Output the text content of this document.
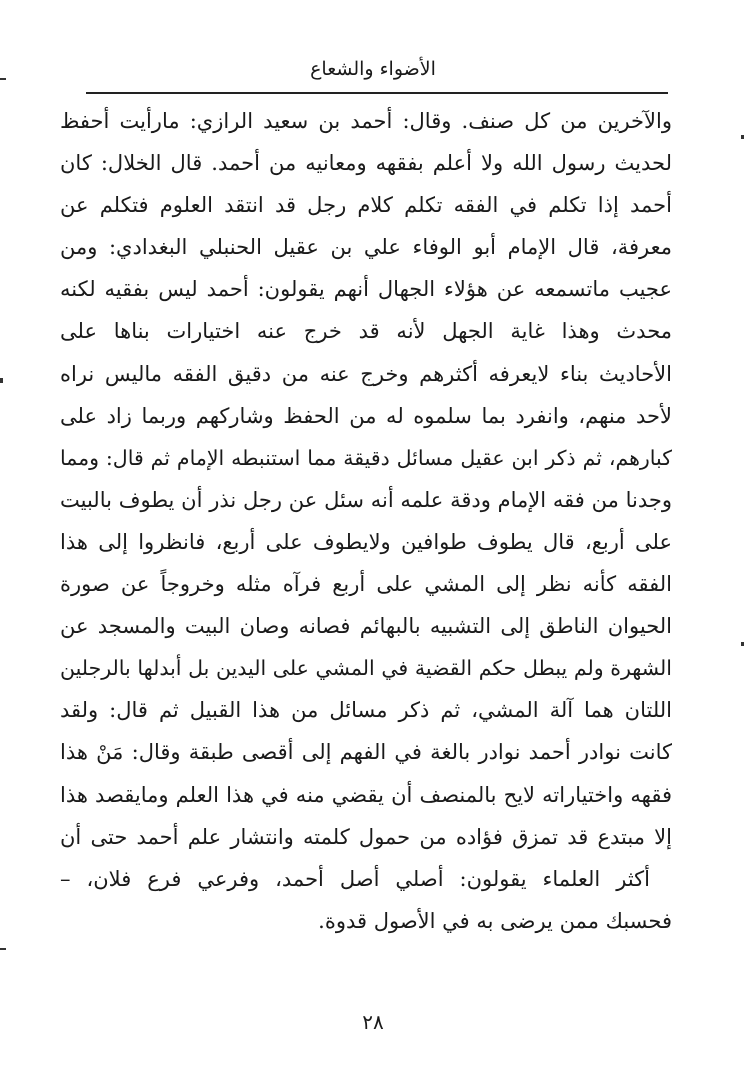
الأضواء والشعاع
والآخرين من كل صنف. وقال: أحمد بن سعيد الرازي: مارأيت أحفظ
لحديث رسول الله ولا أعلم بفقهه ومعانيه من أحمد. قال الخلال: كان
أحمد إذا تكلم في الفقه تكلم كلام رجل قد انتقد العلوم فتكلم عن
معرفة، قال الإمام أبو الوفاء علي بن عقيل الحنبلي البغدادي: ومن
عجيب ماتسمعه عن هؤلاء الجهال أنهم يقولون: أحمد ليس بفقيه لكنه
محدث وهذا غاية الجهل لأنه قد خرج عنه اختيارات بناها على
الأحاديث بناء لايعرفه أكثرهم وخرج عنه من دقيق الفقه ماليس نراه
لأحد منهم، وانفرد بما سلموه له من الحفظ وشاركهم وربما زاد على
كبارهم، ثم ذكر ابن عقيل مسائل دقيقة مما استنبطه الإمام ثم قال: ومما
وجدنا من فقه الإمام ودقة علمه أنه سئل عن رجل نذر أن يطوف بالبيت
على أربع، قال يطوف طوافين ولايطوف على أربع، فانظروا إلى هذا
الفقه كأنه نظر إلى المشي على أربع فرآه مثله وخروجاً عن صورة
الحيوان الناطق إلى التشبيه بالبهائم فصانه وصان البيت والمسجد عن
الشهرة ولم يبطل حكم القضية في المشي على اليدين بل أبدلها بالرجلين
اللتان هما آلة المشي، ثم ذكر مسائل من هذا القبيل ثم قال: ولقد
كانت نوادر أحمد نوادر بالغة في الفهم إلى أقصى طبقة وقال: مَنْ هذا
فقهه واختياراته لايح بالمنصف أن يقضي منه في هذا العلم ومايقصد هذا
إلا مبتدع قد تمزق فؤاده من حمول كلمته وانتشار علم أحمد حتى أن
أكثر العلماء يقولون: أصلي أصل أحمد، وفرعي فرع فلان، –
فحسبك ممن يرضى به في الأصول قدوة.
٢٨
